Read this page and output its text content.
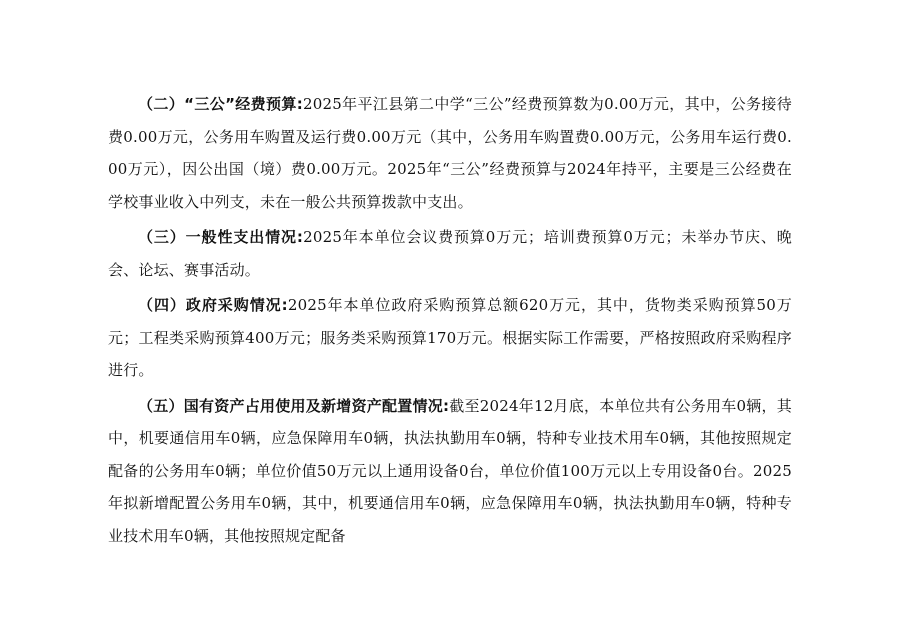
（二）“三公”经费预算:2025年平江县第二中学“三公”经费预算数为0.00万元，其中，公务接待费0.00万元，公务用车购置及运行费0.00万元（其中，公务用车购置费0.00万元，公务用车运行费0.00万元），因公出国（境）费0.00万元。2025年“三公”经费预算与2024年持平，主要是三公经费在学校事业收入中列支，未在一般公共预算拨款中支出。

（三）一般性支出情况:2025年本单位会议费预算0万元；培训费预算0万元；未举办节庆、晚会、论坛、赛事活动。

（四）政府采购情况:2025年本单位政府采购预算总额620万元，其中，货物类采购预算50万元；工程类采购预算400万元；服务类采购预算170万元。根据实际工作需要，严格按照政府采购程序进行。

（五）国有资产占用使用及新增资产配置情况:截至2024年12月底，本单位共有公务用车0辆，其中，机要通信用车0辆，应急保障用车0辆，执法执勤用车0辆，特种专业技术用车0辆，其他按照规定配备的公务用车0辆；单位价值50万元以上通用设备0台，单位价值100万元以上专用设备0台。2025年拟新增配置公务用车0辆，其中，机要通信用车0辆，应急保障用车0辆，执法执勤用车0辆，特种专业技术用车0辆，其他按照规定配备
